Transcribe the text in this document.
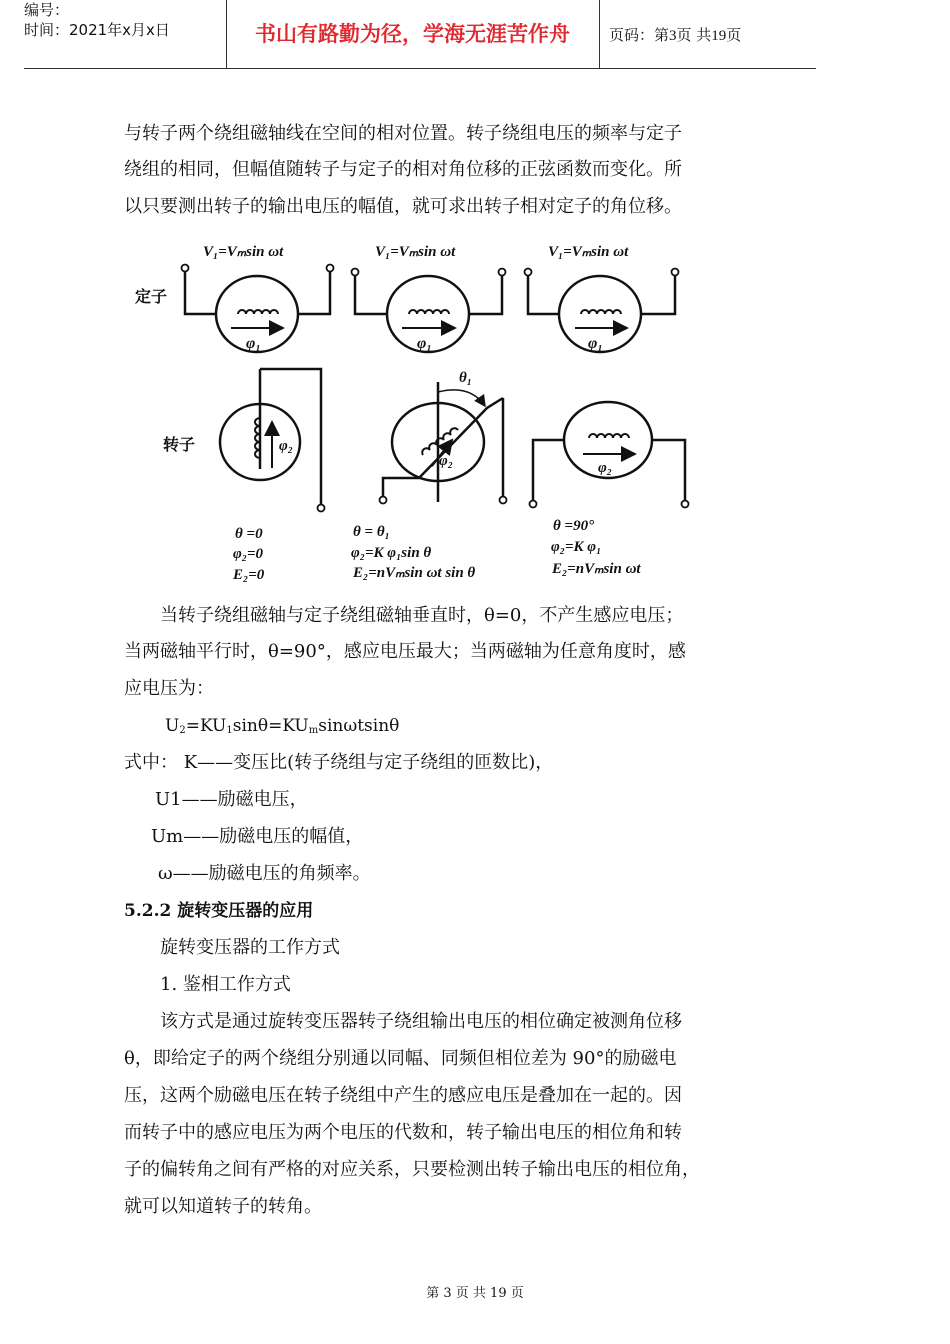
编号：
时间：2021年x月x日	书山有路勤为径，学海无涯苦作舟	页码：第3页 共19页

与转子两个绕组磁轴线在空间的相对位置。转子绕组电压的频率与定子

绕组的相同，但幅值随转子与定子的相对角位移的正弦函数而变化。所

以只要测出转子的输出电压的幅值，就可求出转子相对定子的角位移。

V₁=Vₘsin ωt	V₁=Vₘsin ωt	V₁=Vₘsin ωt
定子
转子
φ₁	φ₁	φ₁
φ₂
φ₂	φ₂
θ₁
θ =0
φ₂=0
E₂=0
θ = θ₁
φ₂=K φ₁sin θ
E₂=nVₘsin ωt sin θ
θ =90°
φ₂=K φ₁
E₂=nVₘsin ωt

当转子绕组磁轴与定子绕组磁轴垂直时，θ=0，不产生感应电压；

当两磁轴平行时，θ=90°，感应电压最大；当两磁轴为任意角度时，感

应电压为：

U2=KU1sinθ=KUmsinωtsinθ

式中： K——变压比(转子绕组与定子绕组的匝数比)，

U1——励磁电压，

Um——励磁电压的幅值，

ω——励磁电压的角频率。

5.2.2 旋转变压器的应用

旋转变压器的工作方式

1. 鉴相工作方式

该方式是通过旋转变压器转子绕组输出电压的相位确定被测角位移

θ，即给定子的两个绕组分别通以同幅、同频但相位差为 90°的励磁电

压，这两个励磁电压在转子绕组中产生的感应电压是叠加在一起的。因

而转子中的感应电压为两个电压的代数和，转子输出电压的相位角和转

子的偏转角之间有严格的对应关系，只要检测出转子输出电压的相位角，

就可以知道转子的转角。

第 3 页 共 19 页
